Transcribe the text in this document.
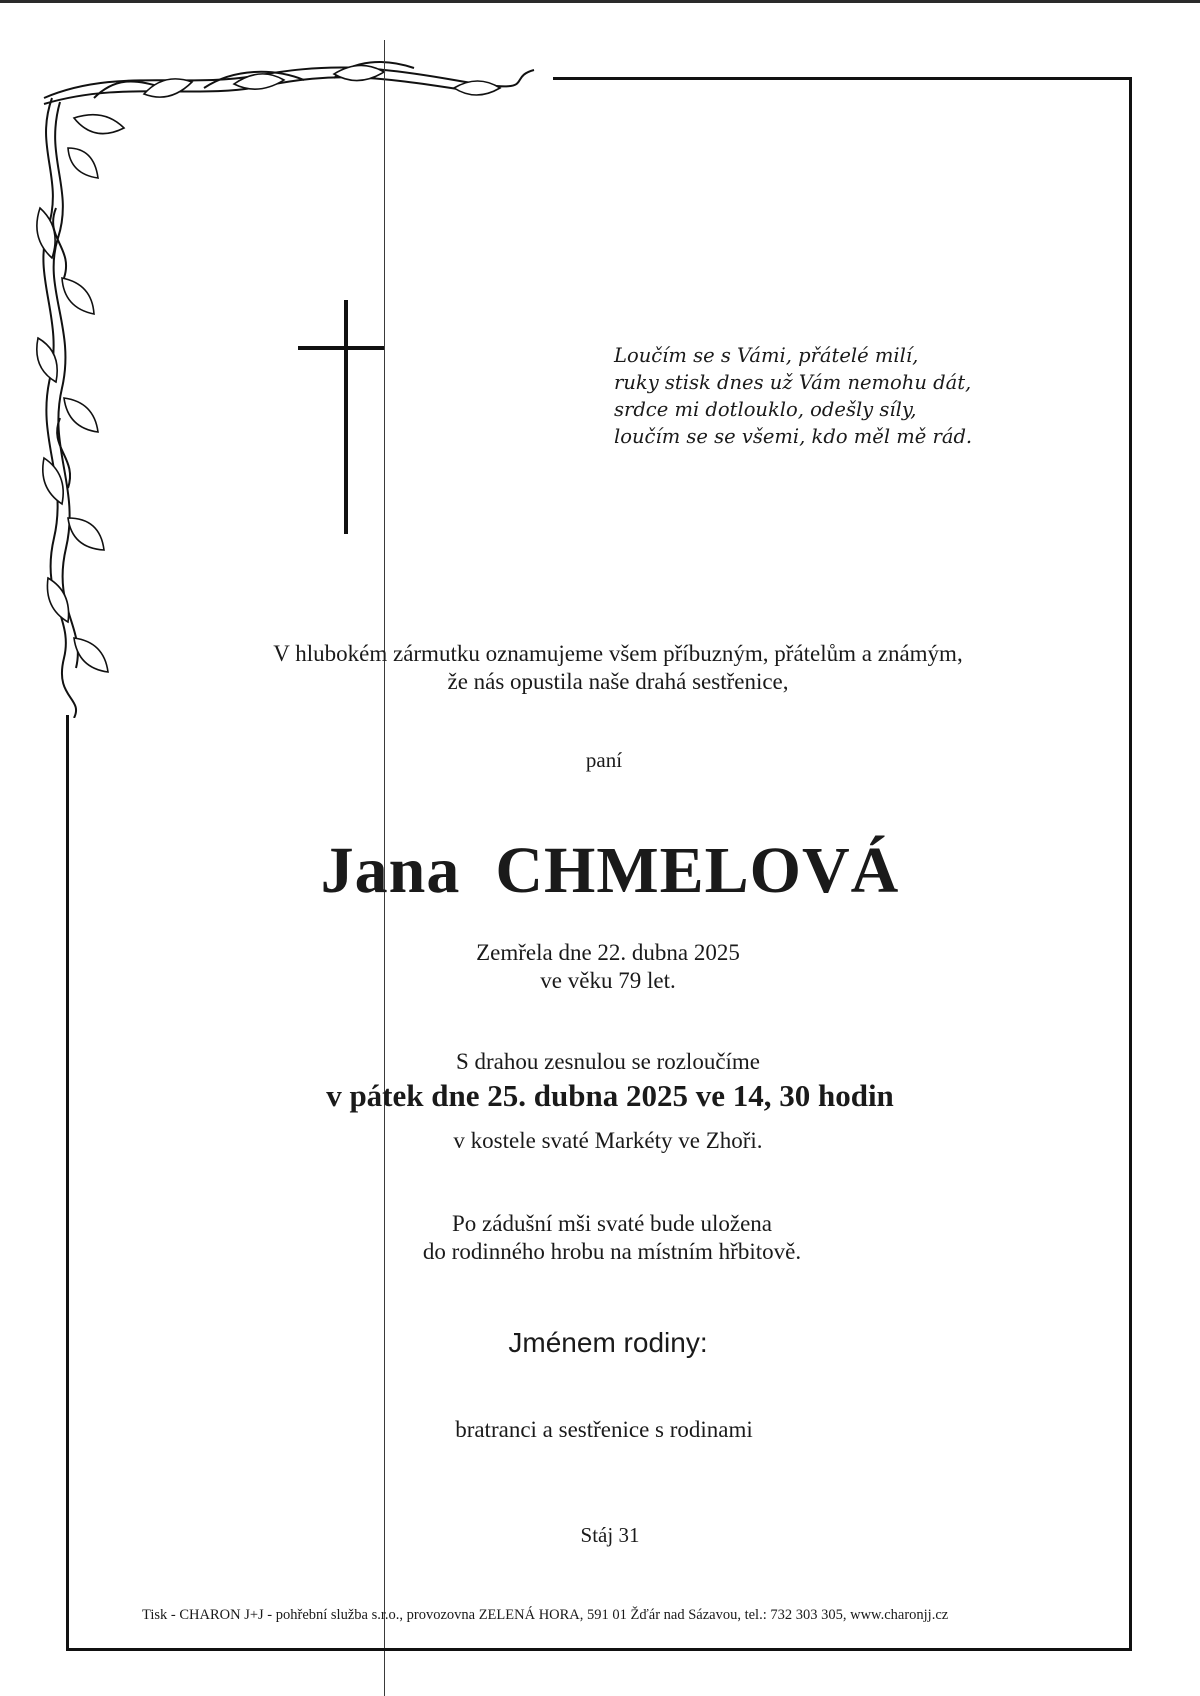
Loučím se s Vámi, přátelé milí,
ruky stisk dnes už Vám nemohu dát,
srdce mi dotlouklo, odešly síly,
loučím se se všemi, kdo měl mě rád.
V hlubokém zármutku oznamujeme všem příbuzným, přátelům a známým,
že nás opustila naše drahá sestřenice,
paní
Jana  CHMELOVÁ
Zemřela dne 22. dubna 2025
ve věku 79 let.
S drahou zesnulou se rozloučíme
v pátek dne 25. dubna 2025 ve 14, 30 hodin
v kostele svaté Markéty ve Zhoři.
Po zádušní mši svaté bude uložena
do rodinného hrobu na místním hřbitově.
Jménem rodiny:
bratranci a sestřenice s rodinami
Stáj 31
Tisk - CHARON J+J - pohřební služba s.r.o., provozovna ZELENÁ HORA, 591 01 Žďár nad Sázavou, tel.: 732 303 305, www.charonjj.cz
